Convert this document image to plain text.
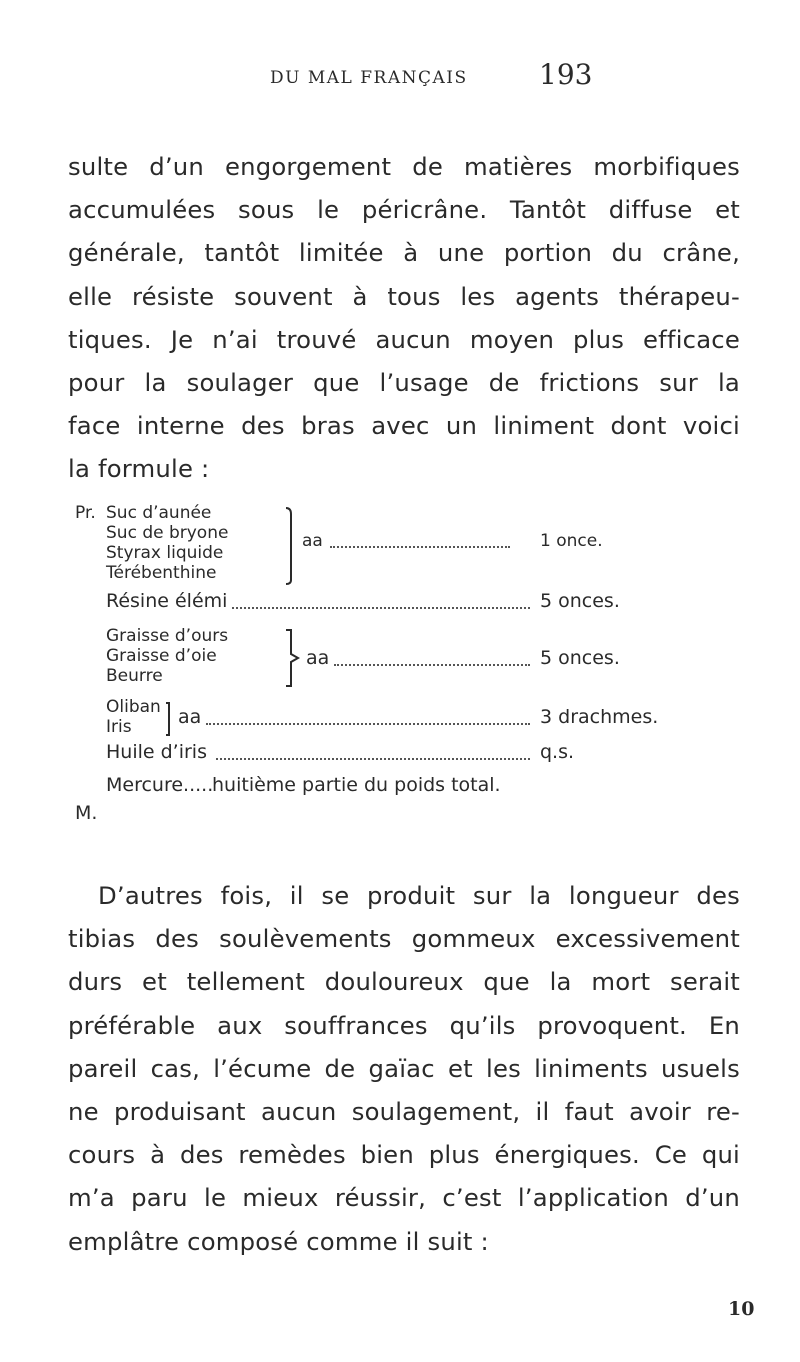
DU MAL FRANÇAIS	193
sulte d’un engorgement de matières morbifiques
accumulées sous le péricrâne. Tantôt diffuse et
générale, tantôt limitée à une portion du crâne,
elle résiste souvent à tous les agents thérapeu-
tiques. Je n’ai trouvé aucun moyen plus efficace
pour la soulager que l’usage de frictions sur la
face interne des bras avec un liniment dont voici
la formule :
Pr. Suc d’aunée
Suc de bryone
Styrax liquide
Térébenthine
aa	1 once.
Résine élémi	5 onces.
Graisse d’ours
Graisse d’oie
Beurre
aa	5 onces.
Oliban
Iris aa	3 drachmes.
Huile d’iris	q.s.
Mercure.....
huitième partie du poids total.
M.
D’autres fois, il se produit sur la longueur des
tibias des soulèvements gommeux excessivement
durs et tellement douloureux que la mort serait
préférable aux souffrances qu’ils provoquent. En
pareil cas, l’écume de gaïac et les liniments usuels
ne produisant aucun soulagement, il faut avoir re-
cours à des remèdes bien plus énergiques. Ce qui
m’a paru le mieux réussir, c’est l’application d’un
emplâtre composé comme il suit :
10
